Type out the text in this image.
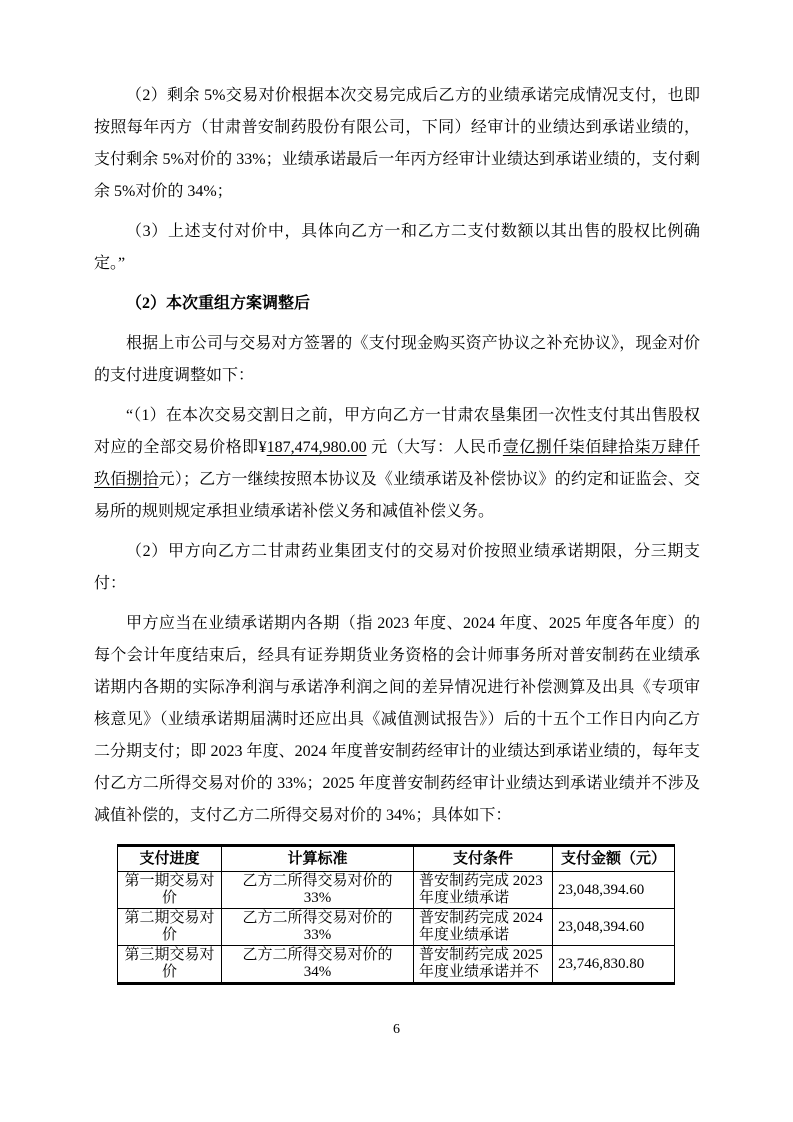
（2）剩余 5%交易对价根据本次交易完成后乙方的业绩承诺完成情况支付，也即按照每年丙方（甘肃普安制药股份有限公司，下同）经审计的业绩达到承诺业绩的，支付剩余 5%对价的 33%；业绩承诺最后一年丙方经审计业绩达到承诺业绩的，支付剩余 5%对价的 34%；

（3）上述支付对价中，具体向乙方一和乙方二支付数额以其出售的股权比例确定。”

（2）本次重组方案调整后

根据上市公司与交易对方签署的《支付现金购买资产协议之补充协议》，现金对价的支付进度调整如下：

“（1）在本次交易交割日之前，甲方向乙方一甘肃农垦集团一次性支付其出售股权对应的全部交易价格即¥187,474,980.00 元（大写：人民币壹亿捌仟柒佰肆拾柒万肆仟玖佰捌拾元）；乙方一继续按照本协议及《业绩承诺及补偿协议》的约定和证监会、交易所的规则规定承担业绩承诺补偿义务和减值补偿义务。

（2）甲方向乙方二甘肃药业集团支付的交易对价按照业绩承诺期限，分三期支付：

甲方应当在业绩承诺期内各期（指 2023 年度、2024 年度、2025 年度各年度）的每个会计年度结束后，经具有证券期货业务资格的会计师事务所对普安制药在业绩承诺期内各期的实际净利润与承诺净利润之间的差异情况进行补偿测算及出具《专项审核意见》（业绩承诺期届满时还应出具《减值测试报告》）后的十五个工作日内向乙方二分期支付；即 2023 年度、2024 年度普安制药经审计的业绩达到承诺业绩的，每年支付乙方二所得交易对价的 33%；2025 年度普安制药经审计业绩达到承诺业绩并不涉及减值补偿的，支付乙方二所得交易对价的 34%；具体如下：

支付进度	计算标准	支付条件	支付金额（元）
第一期交易对价	乙方二所得交易对价的 33%	普安制药完成 2023 年度业绩承诺	23,048,394.60
第二期交易对价	乙方二所得交易对价的 33%	普安制药完成 2024 年度业绩承诺	23,048,394.60
第三期交易对价	乙方二所得交易对价的 34%	普安制药完成 2025 年度业绩承诺并不	23,746,830.80
6
